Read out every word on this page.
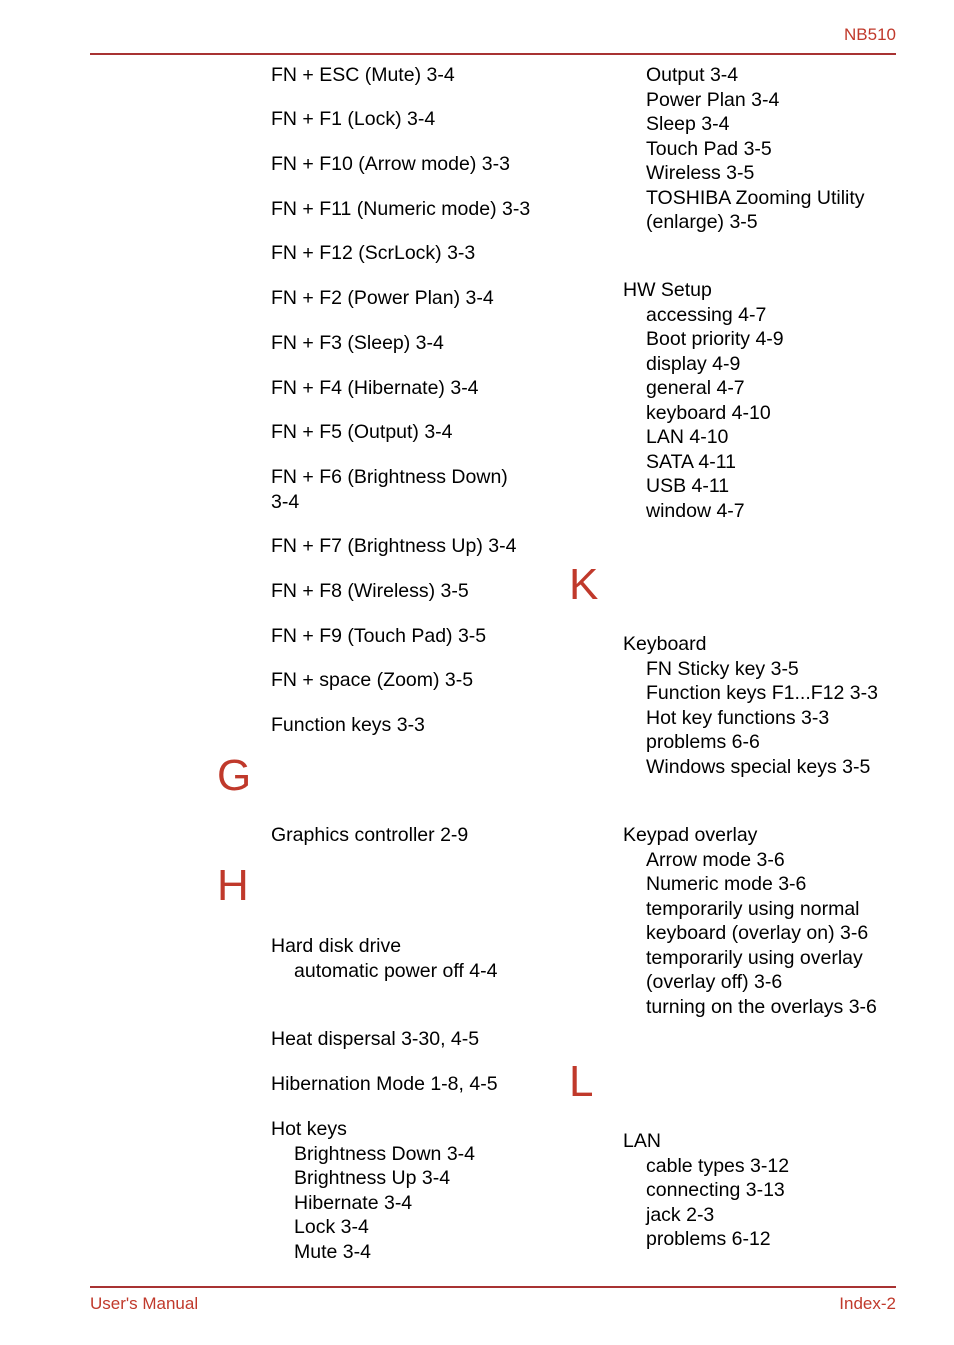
NB510
FN + ESC (Mute) 3-4
FN + F1 (Lock) 3-4
FN + F10 (Arrow mode) 3-3
FN + F11 (Numeric mode) 3-3
FN + F12 (ScrLock) 3-3
FN + F2 (Power Plan) 3-4
FN + F3 (Sleep) 3-4
FN + F4 (Hibernate) 3-4
FN + F5 (Output) 3-4
FN + F6 (Brightness Down)
3-4
FN + F7 (Brightness Up) 3-4
FN + F8 (Wireless) 3-5
FN + F9 (Touch Pad) 3-5
FN + space (Zoom) 3-5
Function keys 3-3
G
Graphics controller 2-9
H
Hard disk drive
automatic power off 4-4
Heat dispersal 3-30, 4-5
Hibernation Mode 1-8, 4-5
Hot keys
Brightness Down 3-4
Brightness Up 3-4
Hibernate 3-4
Lock 3-4
Mute 3-4
Output 3-4
Power Plan 3-4
Sleep 3-4
Touch Pad 3-5
Wireless 3-5
TOSHIBA Zooming Utility
(enlarge) 3-5
HW Setup
accessing 4-7
Boot priority 4-9
display 4-9
general 4-7
keyboard 4-10
LAN 4-10
SATA 4-11
USB 4-11
window 4-7
K
Keyboard
FN Sticky key 3-5
Function keys F1...F12 3-3
Hot key functions 3-3
problems 6-6
Windows special keys 3-5
Keypad overlay
Arrow mode 3-6
Numeric mode 3-6
temporarily using normal
keyboard (overlay on) 3-6
temporarily using overlay
(overlay off) 3-6
turning on the overlays 3-6
L
LAN
cable types 3-12
connecting 3-13
jack 2-3
problems 6-12
User's Manual	Index-2
